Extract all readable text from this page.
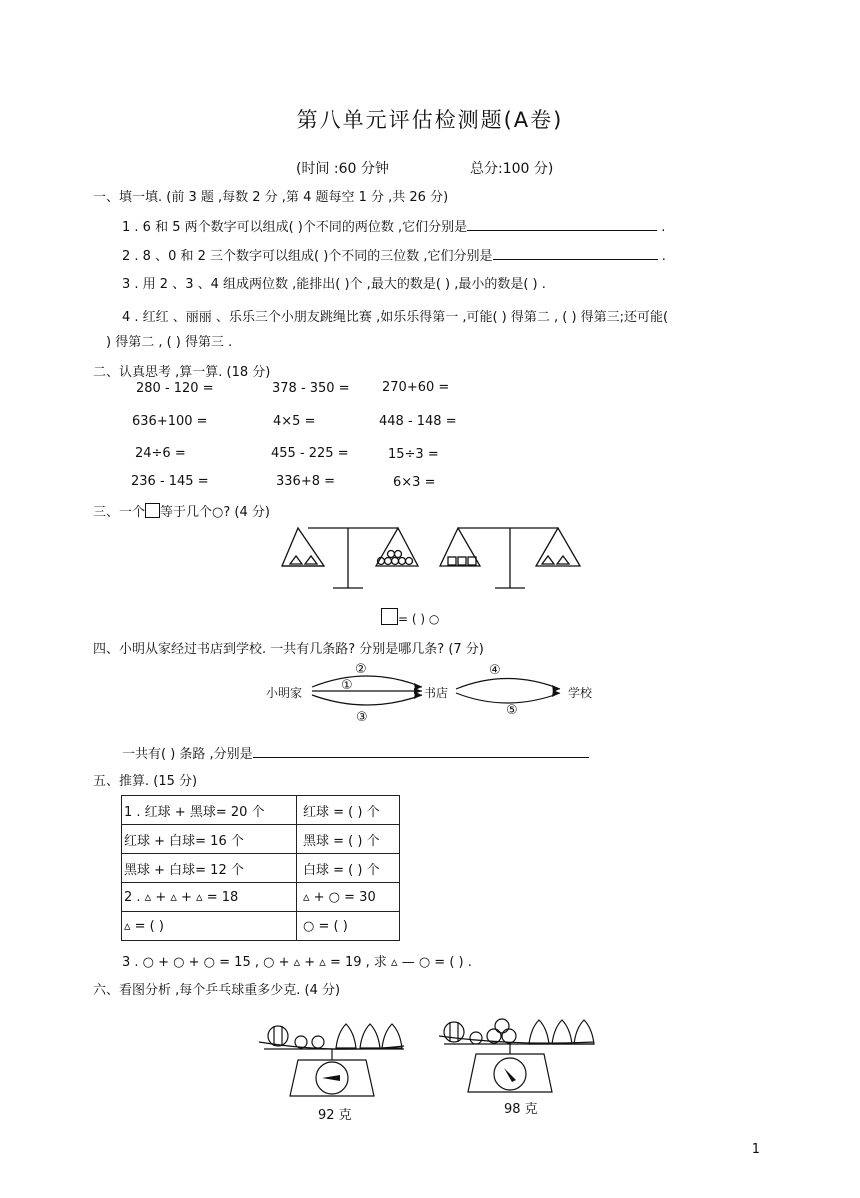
第八单元评估检测题(A卷)
(时间 :60 分钟	总分:100 分)
一、填一填. (前 3 题 ,每数 2 分 ,第 4 题每空 1 分 ,共 26 分)
1 . 6 和 5 两个数字可以组成( )个不同的两位数 ,它们分别是	.
2 . 8 、0 和 2 三个数字可以组成( )个不同的三位数 ,它们分别是	.
3 . 用 2 、3 、4 组成两位数 ,能排出( )个 ,最大的数是( ) ,最小的数是( ) .
4 . 红红 、丽丽 、乐乐三个小朋友跳绳比赛 ,如乐乐得第一 ,可能( ) 得第二 , ( ) 得第三;还可能(
) 得第二 , ( ) 得第三 .
二、认真思考 ,算一算. (18 分)
280 - 120 =	378 - 350 = 270+60 =
636+100 =	4×5 =	448 - 148 =
24÷6 =	455 - 225 =	15÷3 =
236 - 145 =	336+8 =	6×3 =
三、一个 等于几个○? (4 分)
= ( ) ○
四、小明从家经过书店到学校. 一共有几条路? 分别是哪几条? (7 分)
小明家	书店	学校
②
①
③
④
⑤
一共有( ) 条路 ,分别是
五、推算. (15 分)
1 . 红球 + 黑球= 20 个	红球 = ( ) 个
红球 + 白球= 16 个	黑球 = ( ) 个
黑球 + 白球= 12 个	白球 = ( ) 个
2 . ▵ + ▵ + ▵ = 18	▵ + ○ = 30
▵ = ( )	○ = ( )
3 . ○ + ○ + ○ = 15 , ○ + ▵ + ▵ = 19 , 求 ▵ — ○ = ( ) .
六、看图分析 ,每个乒乓球重多少克. (4 分)
92 克	98 克
1
